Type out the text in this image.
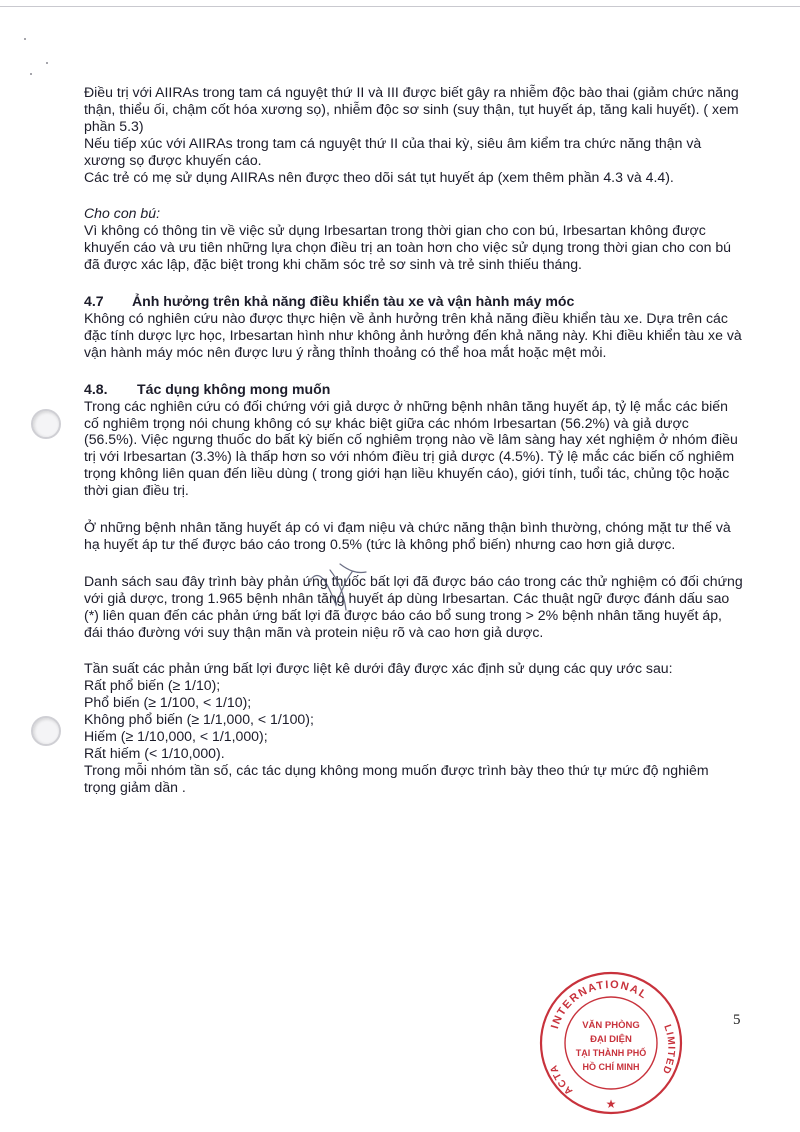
Điều trị với AIIRAs trong tam cá nguyệt thứ II và III được biết gây ra nhiễm độc bào thai (giảm chức năng thận, thiểu ối, chậm cốt hóa xương sọ), nhiễm độc sơ sinh (suy thận, tụt huyết áp, tăng kali huyết). ( xem phần 5.3)

Nếu tiếp xúc với AIIRAs trong tam cá nguyệt thứ II của thai kỳ, siêu âm kiểm tra chức năng thận và xương sọ được khuyến cáo.

Các trẻ có mẹ sử dụng AIIRAs nên được theo dõi sát tụt huyết áp (xem thêm phần 4.3 và 4.4).

Cho con bú:

Vì không có thông tin về việc sử dụng Irbesartan trong thời gian cho con bú, Irbesartan không được khuyến cáo và ưu tiên những lựa chọn điều trị an toàn hơn cho việc sử dụng trong thời gian cho con bú đã được xác lập, đặc biệt trong khi chăm sóc trẻ sơ sinh và trẻ sinh thiếu tháng.

4.7 Ảnh hưởng trên khả năng điều khiển tàu xe và vận hành máy móc

Không có nghiên cứu nào được thực hiện về ảnh hưởng trên khả năng điều khiển tàu xe. Dựa trên các đặc tính dược lực học, Irbesartan hình như không ảnh hưởng đến khả năng này. Khi điều khiển tàu xe và vận hành máy móc nên được lưu ý rằng thỉnh thoảng có thể hoa mắt hoặc mệt mỏi.

4.8. Tác dụng không mong muốn

Trong các nghiên cứu có đối chứng với giả dược ở những bệnh nhân tăng huyết áp, tỷ lệ mắc các biến cố nghiêm trọng nói chung không có sự khác biệt giữa các nhóm Irbesartan (56.2%) và giả dược (56.5%). Việc ngưng thuốc do bất kỳ biến cố nghiêm trọng nào về lâm sàng hay xét nghiệm ở nhóm điều trị với Irbesartan (3.3%) là thấp hơn so với nhóm điều trị giả dược (4.5%). Tỷ lệ mắc các biến cố nghiêm trọng không liên quan đến liều dùng ( trong giới hạn liều khuyến cáo), giới tính, tuổi tác, chủng tộc hoặc thời gian điều trị.

Ở những bệnh nhân tăng huyết áp có vi đạm niệu và chức năng thận bình thường, chóng mặt tư thế và hạ huyết áp tư thế được báo cáo trong 0.5% (tức là không phổ biến) nhưng cao hơn giả dược.

Danh sách sau đây trình bày phản ứng thuốc bất lợi đã được báo cáo trong các thử nghiệm có đối chứng với giả dược, trong 1.965 bệnh nhân tăng huyết áp dùng Irbesartan. Các thuật ngữ được đánh dấu sao (*) liên quan đến các phản ứng bất lợi đã được báo cáo bổ sung trong > 2% bệnh nhân tăng huyết áp, đái tháo đường với suy thận mãn và protein niệu rõ và cao hơn giả dược.

Tần suất các phản ứng bất lợi được liệt kê dưới đây được xác định sử dụng các quy ước sau:

Rất phổ biến (≥ 1/10);

Phổ biến (≥ 1/100, < 1/10);

Không phổ biến (≥ 1/1,000, < 1/100);

Hiếm (≥ 1/10,000, < 1/1,000);

Rất hiếm (< 1/10,000).

Trong mỗi nhóm tần số, các tác dụng không mong muốn được trình bày theo thứ tự mức độ nghiêm trọng giảm dần .

5
INTERNATIONAL
ACTA
LIMITED
VĂN PHÒNG
ĐẠI DIỆN
TẠI THÀNH PHỐ
HỒ CHÍ MINH
★
